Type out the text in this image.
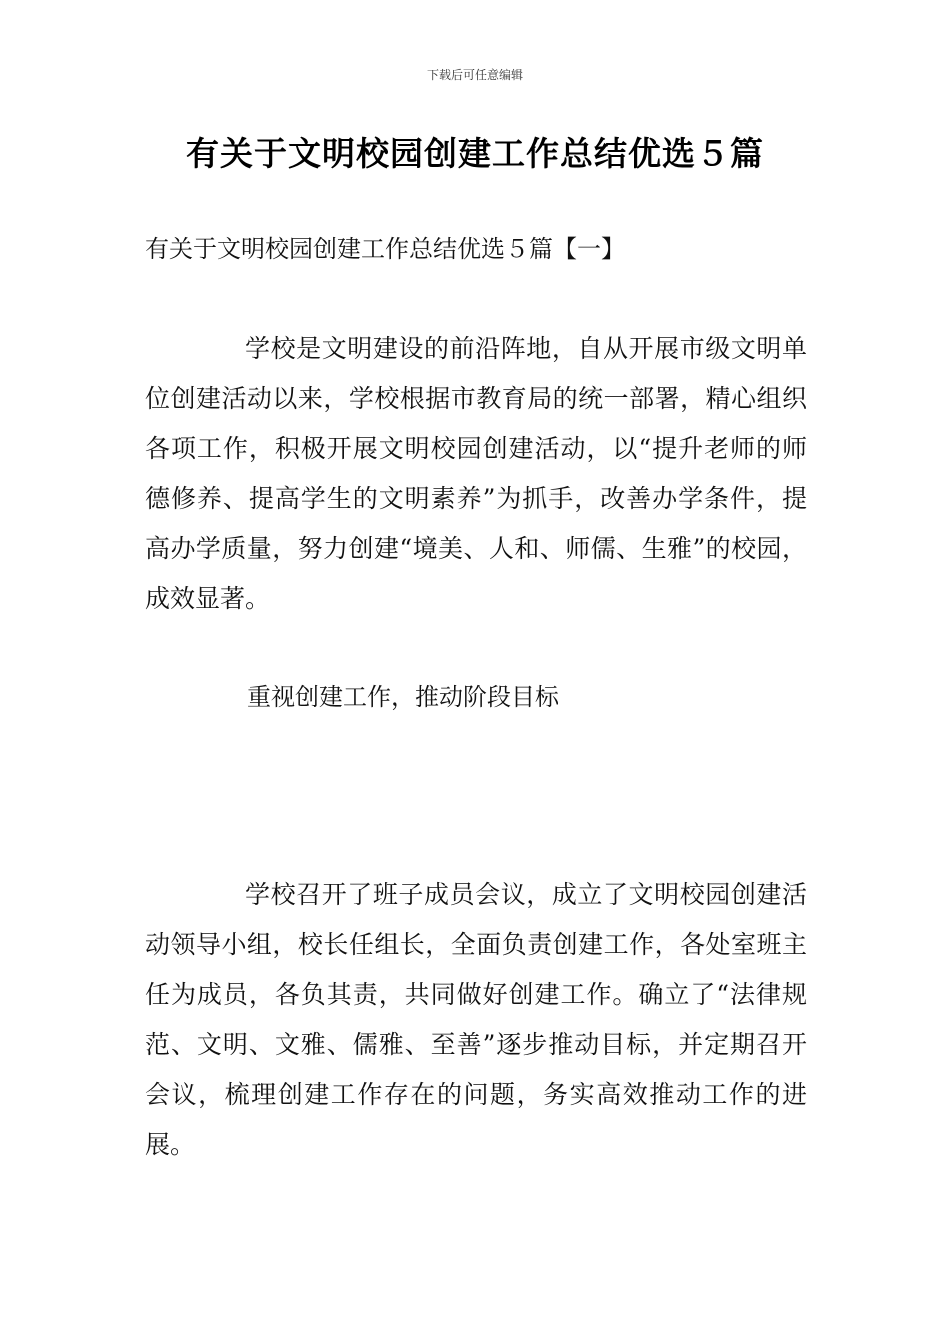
下载后可任意编辑
有关于文明校园创建工作总结优选５篇
有关于文明校园创建工作总结优选５篇【一】

学校是文明建设的前沿阵地，自从开展市级文明单位创建活动以来，学校根据市教育局的统一部署，精心组织各项工作，积极开展文明校园创建活动，以“提升老师的师德修养、提高学生的文明素养”为抓手，改善办学条件，提高办学质量，努力创建“境美、人和、师儒、生雅”的校园，成效显著。

重视创建工作，推动阶段目标

学校召开了班子成员会议，成立了文明校园创建活动领导小组，校长任组长，全面负责创建工作，各处室班主任为成员，各负其责，共同做好创建工作。确立了“法律规范、文明、文雅、儒雅、至善”逐步推动目标，并定期召开会议，梳理创建工作存在的问题，务实高效推动工作的进展。
